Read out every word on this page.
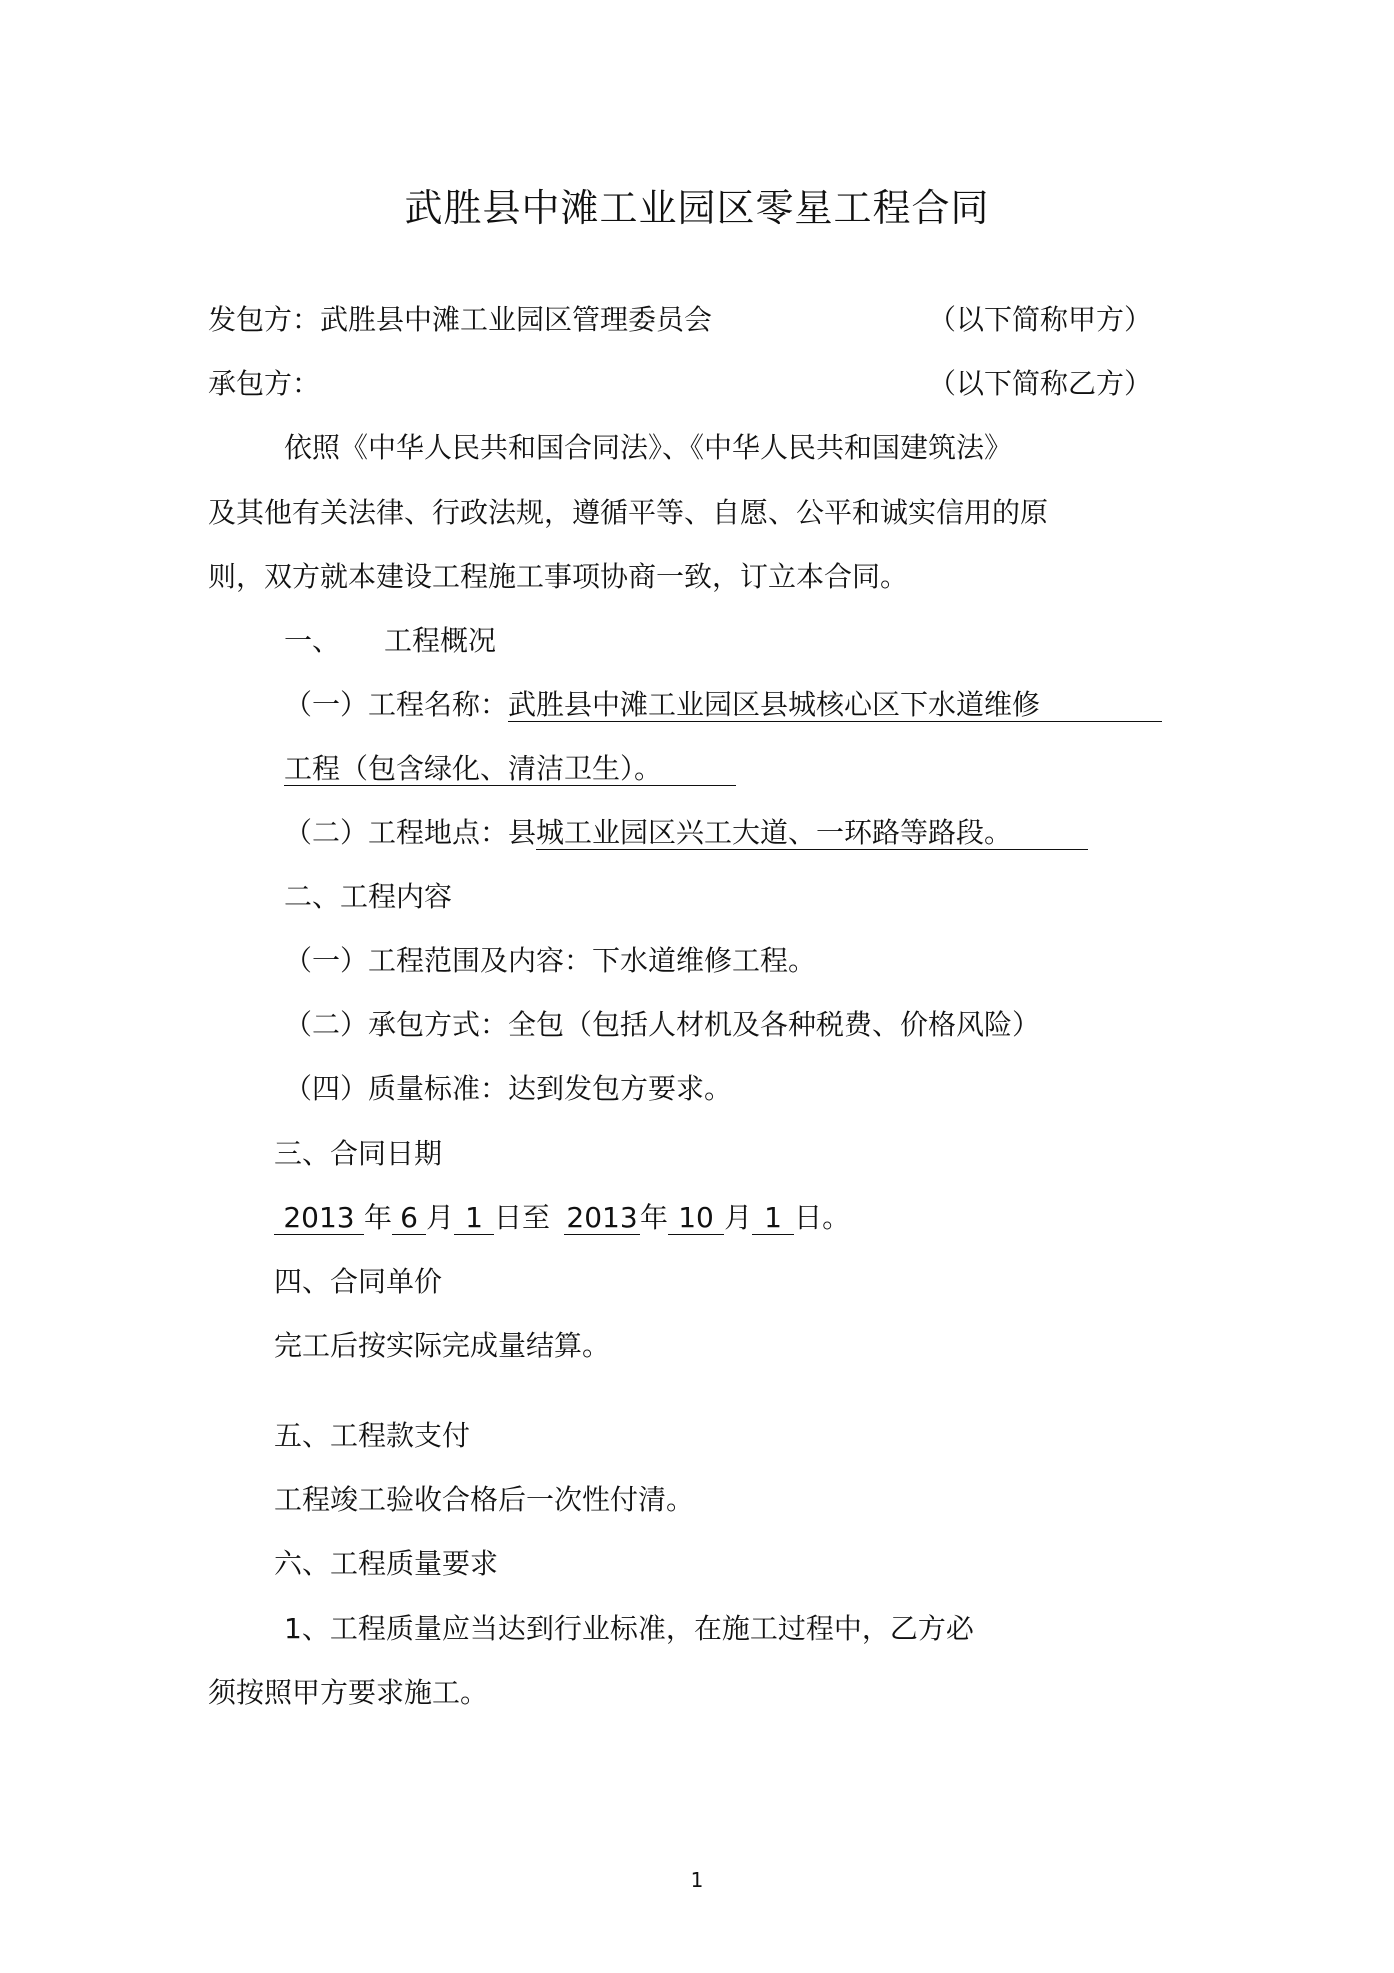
武胜县中滩工业园区零星工程合同
发包方：武胜县中滩工业园区管理委员会	（以下简称甲方）
承包方：	（以下简称乙方）
依照《中华人民共和国合同法》、《中华人民共和国建筑法》
及其他有关法律、行政法规，遵循平等、自愿、公平和诚实信用的原
则，双方就本建设工程施工事项协商一致，订立本合同。
一、 工程概况
（一）工程名称：武胜县中滩工业园区县城核心区下水道维修
工程（包含绿化、清洁卫生）。
（二）工程地点：县城工业园区兴工大道、一环路等路段。
二、工程内容
（一）工程范围及内容：下水道维修工程。
（二）承包方式：全包（包括人材机及各种税费、价格风险）
（四）质量标准：达到发包方要求。
三、合同日期
2013 年 6 月 1 日至 2013年 10 月 1 日。
四、合同单价
完工后按实际完成量结算。
五、工程款支付
工程竣工验收合格后一次性付清。
六、工程质量要求
1、工程质量应当达到行业标准，在施工过程中，乙方必
须按照甲方要求施工。
1
